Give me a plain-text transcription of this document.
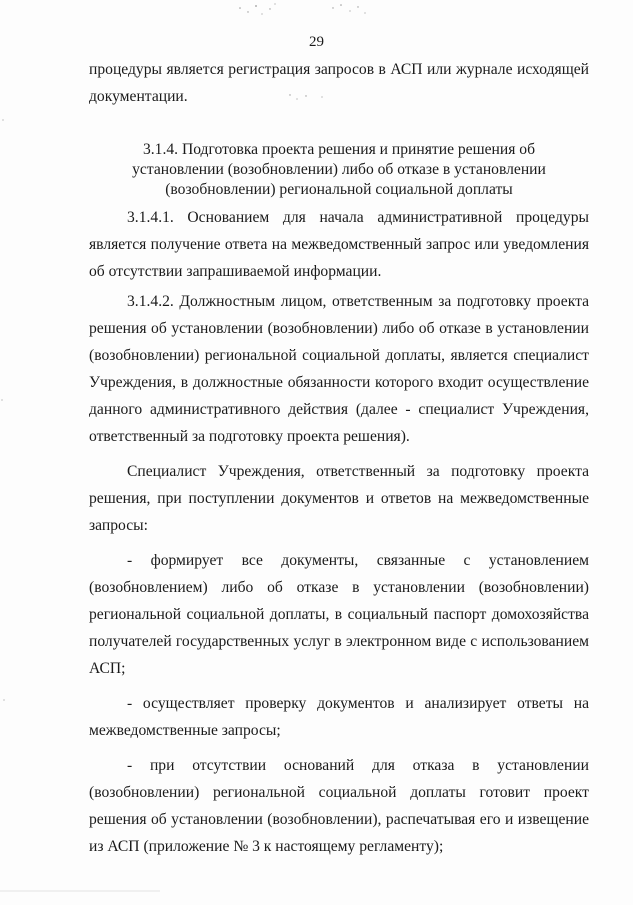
29

процедуры является регистрация запросов в АСП или журнале исходящей документации.

3.1.4. Подготовка проекта решения и принятие решения об
установлении (возобновлении) либо об отказе в установлении
(возобновлении) региональной социальной доплаты

3.1.4.1. Основанием для начала административной процедуры является получение ответа на межведомственный запрос или уведомления об отсутствии запрашиваемой информации.

3.1.4.2. Должностным лицом, ответственным за подготовку проекта решения об установлении (возобновлении) либо об отказе в установлении (возобновлении) региональной социальной доплаты, является специалист Учреждения, в должностные обязанности которого входит осуществление данного административного действия (далее - специалист Учреждения, ответственный за подготовку проекта решения).

Специалист Учреждения, ответственный за подготовку проекта решения, при поступлении документов и ответов на межведомственные запросы:

- формирует все документы, связанные с установлением (возобновлением) либо об отказе в установлении (возобновлении) региональной социальной доплаты, в социальный паспорт домохозяйства получателей государственных услуг в электронном виде с использованием АСП;

- осуществляет проверку документов и анализирует ответы на межведомственные запросы;

- при отсутствии оснований для отказа в установлении (возобновлении) региональной социальной доплаты готовит проект решения об установлении (возобновлении), распечатывая его и извещение из АСП (приложение № 3 к настоящему регламенту);
